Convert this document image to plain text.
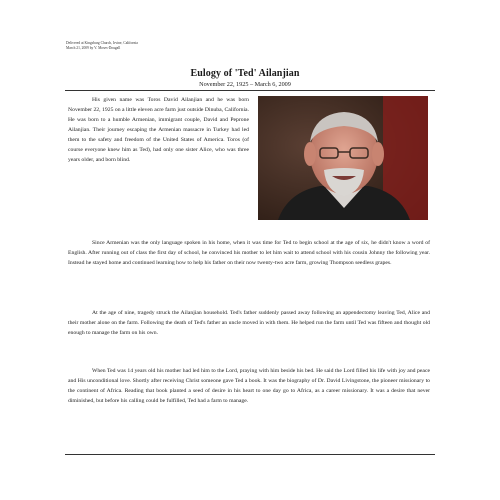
Delivered at Kingsburg Church, Irvine, California
March 21, 2009 by V. Moses-Dougall
Eulogy of 'Ted' Ailanjian
November 22, 1925 – March 6, 2009
His given name was Toros David Ailanjian and he was born November 22, 1925 on a little eleven acre farm just outside Dinuba, California. He was born to a humble Armenian, immigrant couple, David and Peprone Ailanjian. Their journey escaping the Armenian massacre in Turkey had led them to the safety and freedom of the United States of America. Toros (of course everyone knew him as Ted), had only one sister Alice, who was three years older, and born blind.
Since Armenian was the only language spoken in his home, when it was time for Ted to begin school at the age of six, he didn't know a word of English. After running out of class the first day of school, he convinced his mother to let him wait to attend school with his cousin Johnny the following year. Instead he stayed home and continued learning how to help his father on their now twenty-two acre farm, growing Thompson seedless grapes.
At the age of nine, tragedy struck the Ailanjian household. Ted's father suddenly passed away following an appendectomy leaving Ted, Alice and their mother alone on the farm. Following the death of Ted's father an uncle moved in with them. He helped run the farm until Ted was fifteen and thought old enough to manage the farm on his own.
When Ted was 14 years old his mother had led him to the Lord, praying with him beside his bed. He said the Lord filled his life with joy and peace and His unconditional love. Shortly after receiving Christ someone gave Ted a book. It was the biography of Dr. David Livingstone, the pioneer missionary to the continent of Africa. Reading that book planted a seed of desire in his heart to one day go to Africa, as a career missionary. It was a desire that never diminished, but before his calling could be fulfilled, Ted had a farm to manage.
